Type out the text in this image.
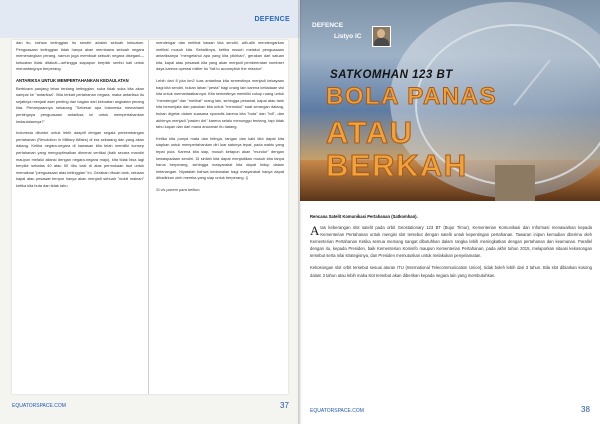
DEFENCE

dari itu, bahwa ketinggian itu sendiri adalah sebuah kekuatan. Penguasaan ketinggian tidak hanya akan membawa sebuah negara memenangkan perang, namun juga membuat sebuah negara disegani—kekuatan tidak ditakuti—sehingga siapapun berpikir seribu kali untuk menantangnya berperang.

ANTARIKSA UNTUK MEMPERTAHANKAN KEDAULATAN

Berbicara panjang lebar tentang ketinggian, suka tidak suka kita akan sampai ke "antariksa". Bila terkait pertahanan negara, maka antariksa itu sejatinya menjadi aset penting dan bagian dari kekuatan angkatan perang kita. Pertanyaannya sekarang "Sebesar apa Indonesia memahami pentingnya penguasaan antariksa ini untuk mempertahankan kedaulatannya?"

Indonesia dituntut untuk lebih adaptif dengan segala perkembangan pertahanan (Revolution in Military Affairs) di era sekarang dan yang akan datang. Ketika negara-negara di kawasan kita telah memiliki konsep pertahanan yang mengoptimalkan dimensi vertikal (baik secara mandiri maupun melalui aliansi dengan negara-negara maju), kita tidak bisa lagi berpikir sebatas 40 atau 50 ribu kaki di atas permukaan laut untuk memaknai "penguasaan atas ketinggian" ini. Gerakan ribuan tank, ratusan kapal atau pesawat tempur hanya akan menjadi sebuah "mobil mainan" ketika kita buta dan tidak tahu

mendengar dan melihat kawan kita sendiri, alih-alih mendengarkan melihat musuh kita. Sebaliknya, ketika musuh melakui penguasaan antariksanya "mengetahui apa yang kita pikirkan", gerakan dari satuan kita, kapal atau pesawat kita yang akan menjadi pembeeratan numbser daya karena operasi militer itu "fail to accomplish the mission".

Lebih dari 8 juta km2 luas antariksa kita semestinya menjadi kekayaan bagi kita sendiri, bukan lahan "pesta" bagi orang lain karena ketiadaan visi kita untuk memanfaatkannya. Kita semestinya memiliki cukup ruang untuk "mendengar" dan "melihat" orang lain, sehingga pesawat, kapal atau tank kita bersenjata dan pasukan kita untuk "memukul" saat serangan datang, bukan digelar dalam suasana sporadis karena kita "buta" dan "tuli", dan akhirnya menjadi "pasien diri" karena selalu menunggu tentang, tapi tidak tahu kapan dan dari mana ancaman itu datang.

Ketika kita punya mata dan telinga, tangan dan kaki kita dapat kita siapkan untuk mempertahankan diri luar satunya tepat, pada waktu yang tepat pula. Karena kita siap, musuh ketapun akan "mundur" dengan kewaspadaan sendiri. Di sinilah kita dapat menjadikan musuh kita tanpa harus berperang, sehingga masyarakat kita dapat hidup dalam ketenangan. Niyatalah bahwa kedamaian bagi masyarakat hanya dapat dihadirkan oleh mereka yang siap untuk berperang. §

Si vis pacem para bellum.

EQUATORSPACE.COM	37
DEFENCE
Listyo IC
SATKOMHAN 123 BT
BOLA PANAS
ATAU
BERKAH
Rencana Satelit Komunikasi Pertahanan (Satkomhan).

Atas keberangan slot satelit pada orbit Geostationary 123 BT (Bujur Timur), Kementerian Komunikasi dan Informasi menawarkan kepada Kementerian Pertahanan untuk mengisi slot tersebut dengan satelit untuk kepentingan pertahanan. Tawaran inipun kemudian diterima oleh Kementerian Pertahanan Ketika semua memang sangat dibutuhkan dalam rangka lebih meningkatkan dengan pertahanan dan keamanan. Parallel dengan itu, kepada Presiden, baik Kementerian Kominfo maupun Kementerian Pertahanan, pada akhir tahun 2015, melaporkan situasi kekosongan tersebut serta nilai strategisnya, dan Presiden memutuskan untuk melakukan penyelamatan.

Kekosongan slot orbit tersebut sesuai aturan ITU (International Telecommunication Union), tidak boleh lebih dari 3 tahun. Bila slot dibiarkan kosong dalam 3 tahun atau lebih maka slot tersebut akan diberikan kepada negara lain yang membutuhkan.

EQUATORSPACE.COM	38
